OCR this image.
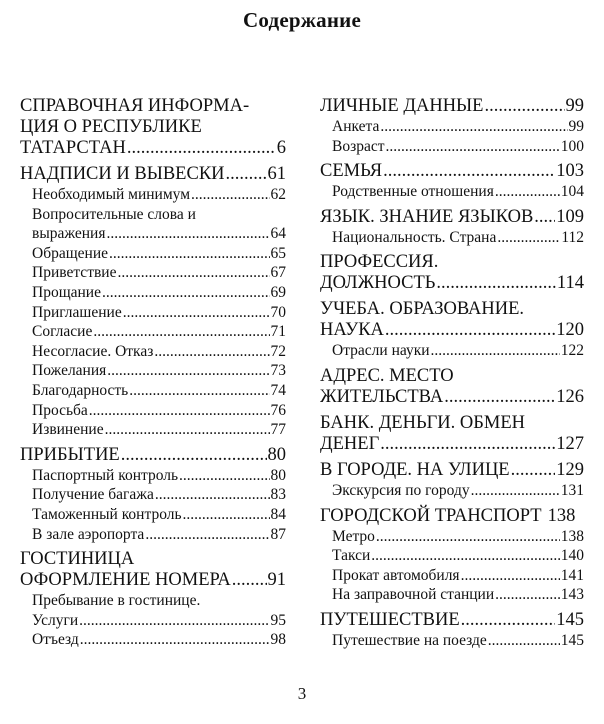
Содержание
СПРАВОЧНАЯ ИНФОРМА-
ЦИЯ О РЕСПУБЛИКЕ
ТАТАРСТАН .....	6
НАДПИСИ И ВЫВЕСКИ ..... 61
Необходимый минимум .....	62
Вопросительные слова и
выражения .....	64
Обращение .....	65
Приветствие .....	67
Прощание .....	69
Приглашение .....	70
Согласие .....	71
Несогласие. Отказ .....	72
Пожелания .....	73
Благодарность .....	74
Просьба .....	76
Извинение .....	77
ПРИБЫТИЕ .....	80
Паспортный контроль .....	80
Получение багажа .....	83
Таможенный контроль .....	84
В зале аэропорта .....	87
ГОСТИНИЦА
ОФОРМЛЕНИЕ НОМЕРА ..... 91
Пребывание в гостинице.
Услуги .....	95
Отъезд .....	98
ЛИЧНЫЕ ДАННЫЕ .....	99
Анкета .....	99
Возраст .....	100
СЕМЬЯ .....	103
Родственные отношения .....	104
ЯЗЫК. ЗНАНИЕ ЯЗЫКОВ ..... 109
Национальность. Страна .....	112
ПРОФЕССИЯ.
ДОЛЖНОСТЬ .....	114
УЧЕБА. ОБРАЗОВАНИЕ.
НАУКА .....	120
Отрасли науки .....	122
АДРЕС. МЕСТО
ЖИТЕЛЬСТВА .....	126
БАНК. ДЕНЬГИ. ОБМЕН
ДЕНЕГ .....	127
В ГОРОДЕ. НА УЛИЦЕ .....	129
Экскурсия по городу .....	131
ГОРОДСКОЙ ТРАНСПОРТ 138
Метро .....	138
Такси .....	140
Прокат автомобиля .....	141
На заправочной станции .....	143
ПУТЕШЕСТВИЕ .....	145
Путешествие на поезде .....	145
3
